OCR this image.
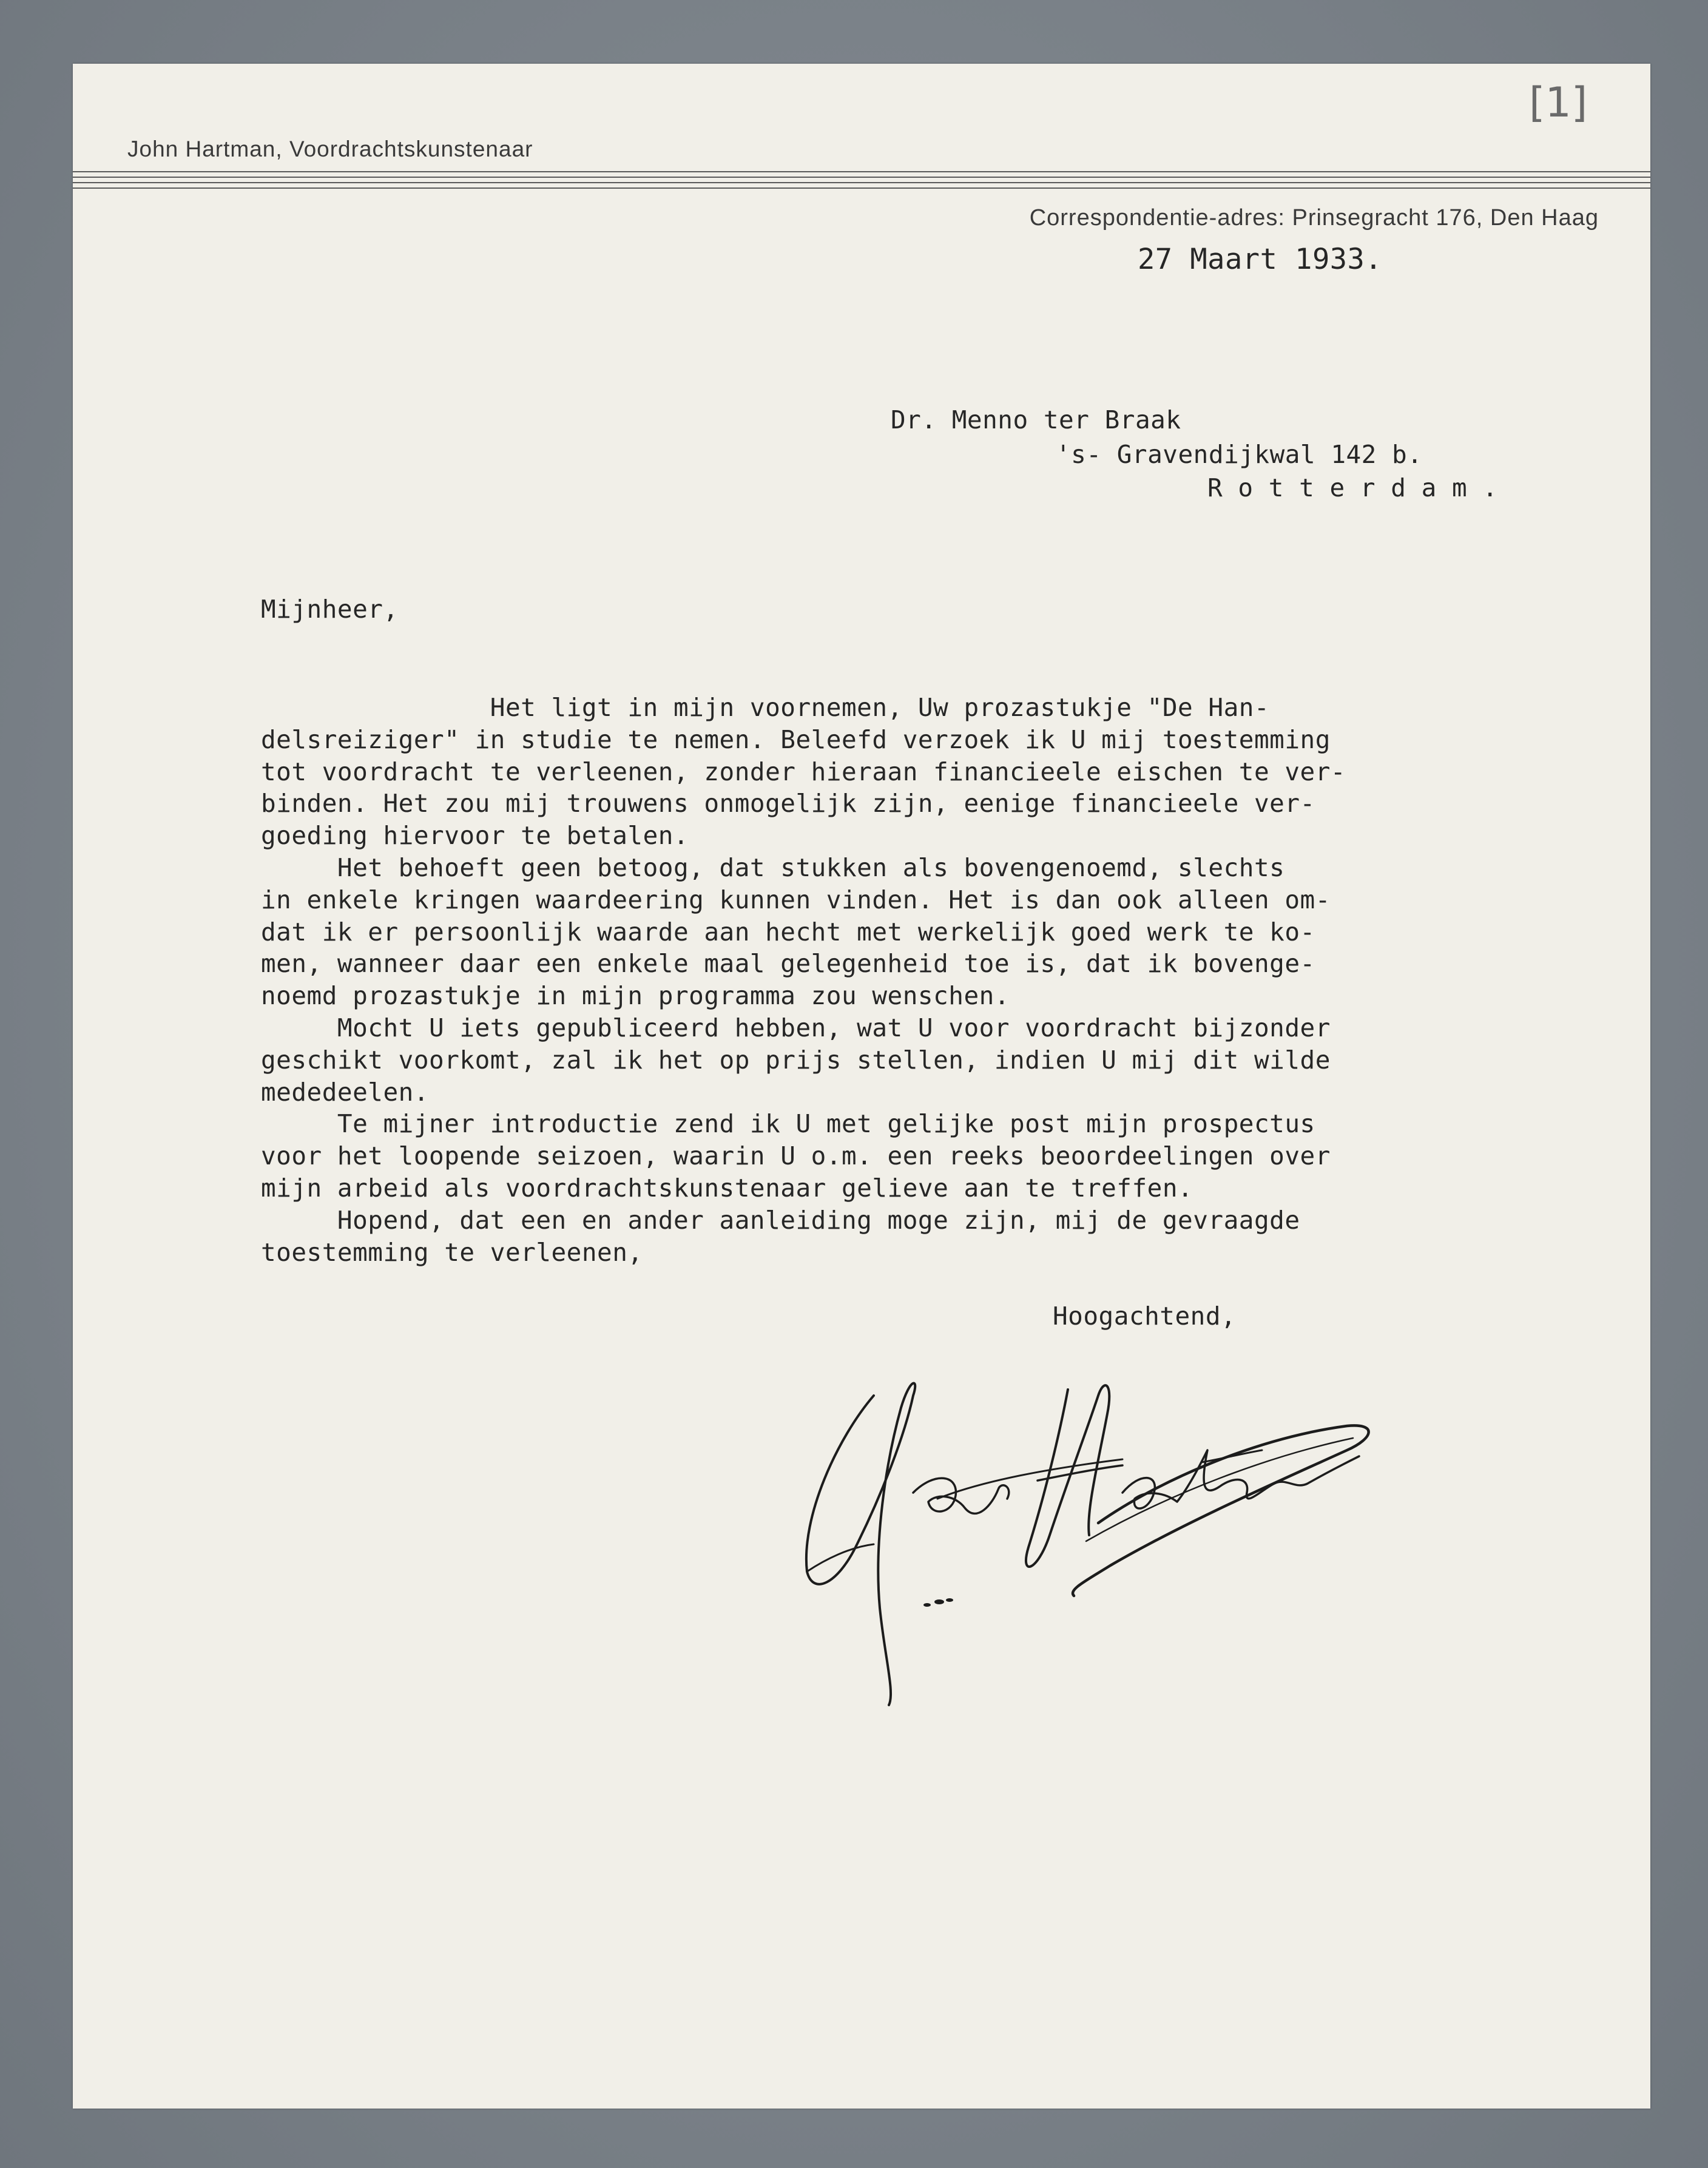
[1]
John Hartman, Voordrachtskunstenaar
Correspondentie-adres: Prinsegracht 176, Den Haag
27 Maart 1933.
Dr. Menno ter Braak
's- Gravendijkwal 142 b.
R o t t e r d a m .
Mijnheer,
Het ligt in mijn voornemen, Uw prozastukje "De Han-
delsreiziger" in studie te nemen. Beleefd verzoek ik U mij toestemming
tot voordracht te verleenen, zonder hieraan financieele eischen te ver-
binden. Het zou mij trouwens onmogelijk zijn, eenige financieele ver-
goeding hiervoor te betalen.
Het behoeft geen betoog, dat stukken als bovengenoemd, slechts
in enkele kringen waardeering kunnen vinden. Het is dan ook alleen om-
dat ik er persoonlijk waarde aan hecht met werkelijk goed werk te ko-
men, wanneer daar een enkele maal gelegenheid toe is, dat ik bovenge-
noemd prozastukje in mijn programma zou wenschen.
Mocht U iets gepubliceerd hebben, wat U voor voordracht bijzonder
geschikt voorkomt, zal ik het op prijs stellen, indien U mij dit wilde
mededeelen.
Te mijner introductie zend ik U met gelijke post mijn prospectus
voor het loopende seizoen, waarin U o.m. een reeks beoordeelingen over
mijn arbeid als voordrachtskunstenaar gelieve aan te treffen.
Hopend, dat een en ander aanleiding moge zijn, mij de gevraagde
toestemming te verleenen,
Hoogachtend,
